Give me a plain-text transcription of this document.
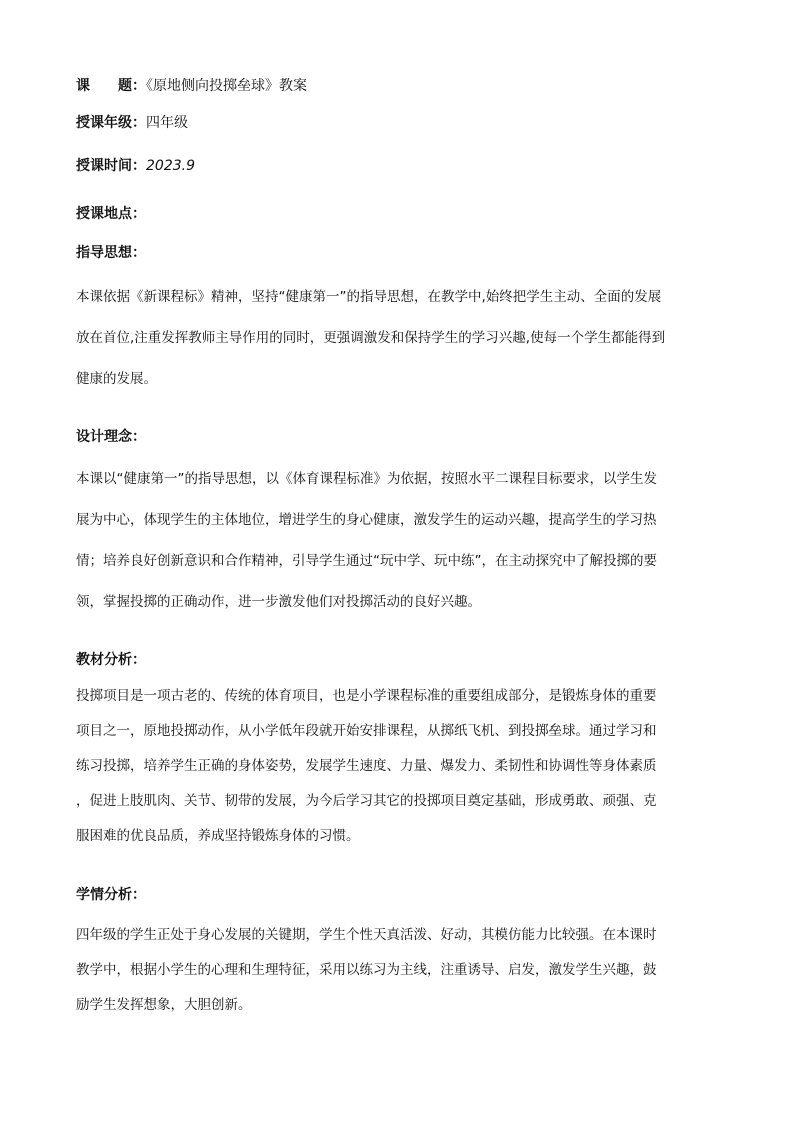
课　　题：《原地侧向投掷垒球》教案
授课年级：四年级
授课时间：2023.9
授课地点：
指导思想：
本课依据《新课程标》精神，坚持“健康第一”的指导思想，在教学中,始终把学生主动、全面的发展
放在首位,注重发挥教师主导作用的同时，更强调激发和保持学生的学习兴趣,使每一个学生都能得到
健康的发展。
设计理念：
本课以“健康第一”的指导思想，以《体育课程标准》为依据，按照水平二课程目标要求，以学生发
展为中心，体现学生的主体地位，增进学生的身心健康，激发学生的运动兴趣，提高学生的学习热
情；培养良好创新意识和合作精神，引导学生通过“玩中学、玩中练”，在主动探究中了解投掷的要
领，掌握投掷的正确动作，进一步激发他们对投掷活动的良好兴趣。
教材分析：
投掷项目是一项古老的、传统的体育项目，也是小学课程标准的重要组成部分，是锻炼身体的重要
项目之一，原地投掷动作，从小学低年段就开始安排课程，从掷纸飞机、到投掷垒球。通过学习和
练习投掷，培养学生正确的身体姿势，发展学生速度、力量、爆发力、柔韧性和协调性等身体素质
，促进上肢肌肉、关节、韧带的发展，为今后学习其它的投掷项目奠定基础，形成勇敢、顽强、克
服困难的优良品质，养成坚持锻炼身体的习惯。
学情分析：
四年级的学生正处于身心发展的关键期，学生个性天真活泼、好动，其模仿能力比较强。在本课时
教学中，根据小学生的心理和生理特征，采用以练习为主线，注重诱导、启发，激发学生兴趣，鼓
励学生发挥想象，大胆创新。
